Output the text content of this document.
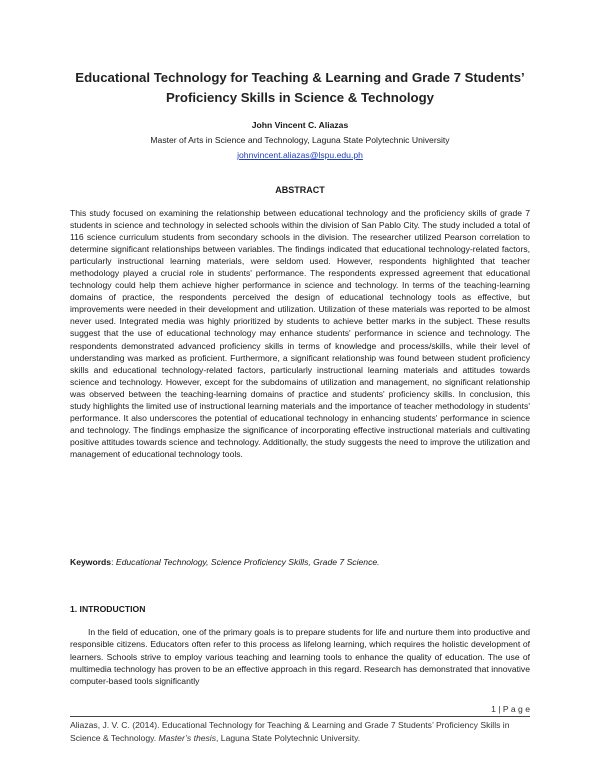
Educational Technology for Teaching & Learning and Grade 7 Students’ Proficiency Skills in Science & Technology
John Vincent C. Aliazas
Master of Arts in Science and Technology, Laguna State Polytechnic University
johnvincent.aliazas@lspu.edu.ph
ABSTRACT
This study focused on examining the relationship between educational technology and the proficiency skills of grade 7 students in science and technology in selected schools within the division of San Pablo City. The study included a total of 116 science curriculum students from secondary schools in the division. The researcher utilized Pearson correlation to determine significant relationships between variables. The findings indicated that educational technology-related factors, particularly instructional learning materials, were seldom used. However, respondents highlighted that teacher methodology played a crucial role in students' performance. The respondents expressed agreement that educational technology could help them achieve higher performance in science and technology. In terms of the teaching-learning domains of practice, the respondents perceived the design of educational technology tools as effective, but improvements were needed in their development and utilization. Utilization of these materials was reported to be almost never used. Integrated media was highly prioritized by students to achieve better marks in the subject. These results suggest that the use of educational technology may enhance students' performance in science and technology. The respondents demonstrated advanced proficiency skills in terms of knowledge and process/skills, while their level of understanding was marked as proficient. Furthermore, a significant relationship was found between student proficiency skills and educational technology-related factors, particularly instructional learning materials and attitudes towards science and technology. However, except for the subdomains of utilization and management, no significant relationship was observed between the teaching-learning domains of practice and students' proficiency skills. In conclusion, this study highlights the limited use of instructional learning materials and the importance of teacher methodology in students' performance. It also underscores the potential of educational technology in enhancing students' performance in science and technology. The findings emphasize the significance of incorporating effective instructional materials and cultivating positive attitudes towards science and technology. Additionally, the study suggests the need to improve the utilization and management of educational technology tools.
Keywords: Educational Technology, Science Proficiency Skills, Grade 7 Science.
1. INTRODUCTION
In the field of education, one of the primary goals is to prepare students for life and nurture them into productive and responsible citizens. Educators often refer to this process as lifelong learning, which requires the holistic development of learners. Schools strive to employ various teaching and learning tools to enhance the quality of education. The use of multimedia technology has proven to be an effective approach in this regard. Research has demonstrated that innovative computer-based tools significantly
1 | P a g e
Aliazas, J. V. C. (2014). Educational Technology for Teaching & Learning and Grade 7 Students’ Proficiency Skills in Science & Technology. Master’s thesis, Laguna State Polytechnic University.
